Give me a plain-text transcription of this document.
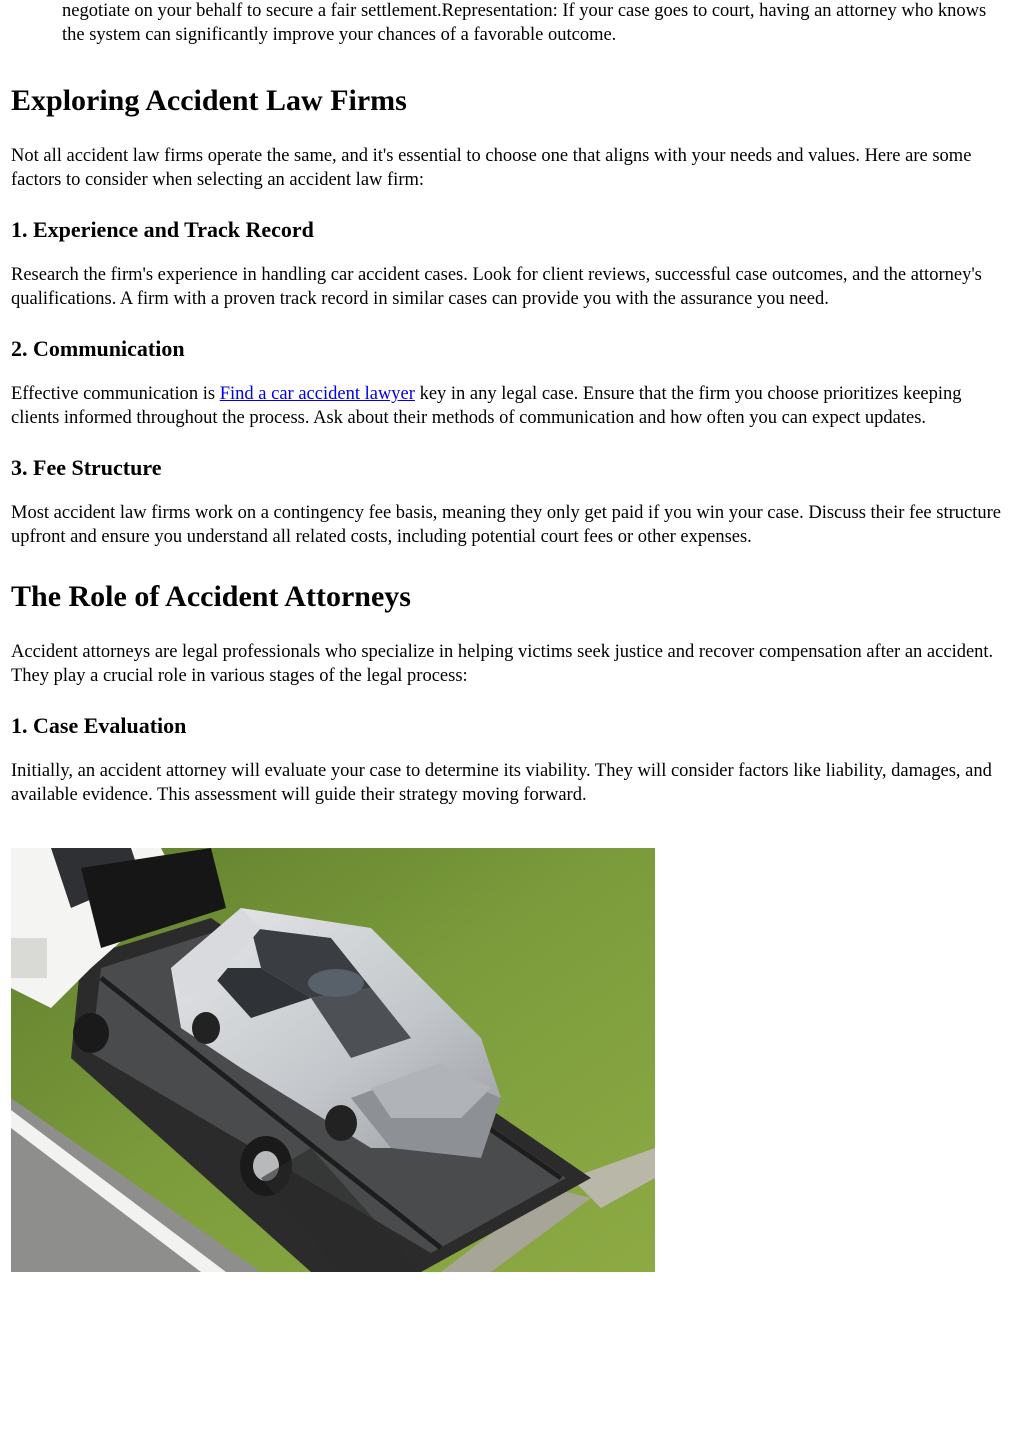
negotiate on your behalf to secure a fair settlement.Representation: If your case goes to court, having an attorney who knows the system can significantly improve your chances of a favorable outcome.

Exploring Accident Law Firms

Not all accident law firms operate the same, and it's essential to choose one that aligns with your needs and values. Here are some factors to consider when selecting an accident law firm:

1. Experience and Track Record

Research the firm's experience in handling car accident cases. Look for client reviews, successful case outcomes, and the attorney's qualifications. A firm with a proven track record in similar cases can provide you with the assurance you need.

2. Communication

Effective communication is Find a car accident lawyer key in any legal case. Ensure that the firm you choose prioritizes keeping clients informed throughout the process. Ask about their methods of communication and how often you can expect updates.

3. Fee Structure

Most accident law firms work on a contingency fee basis, meaning they only get paid if you win your case. Discuss their fee structure upfront and ensure you understand all related costs, including potential court fees or other expenses.

The Role of Accident Attorneys

Accident attorneys are legal professionals who specialize in helping victims seek justice and recover compensation after an accident. They play a crucial role in various stages of the legal process:

1. Case Evaluation

Initially, an accident attorney will evaluate your case to determine its viability. They will consider factors like liability, damages, and available evidence. This assessment will guide their strategy moving forward.
